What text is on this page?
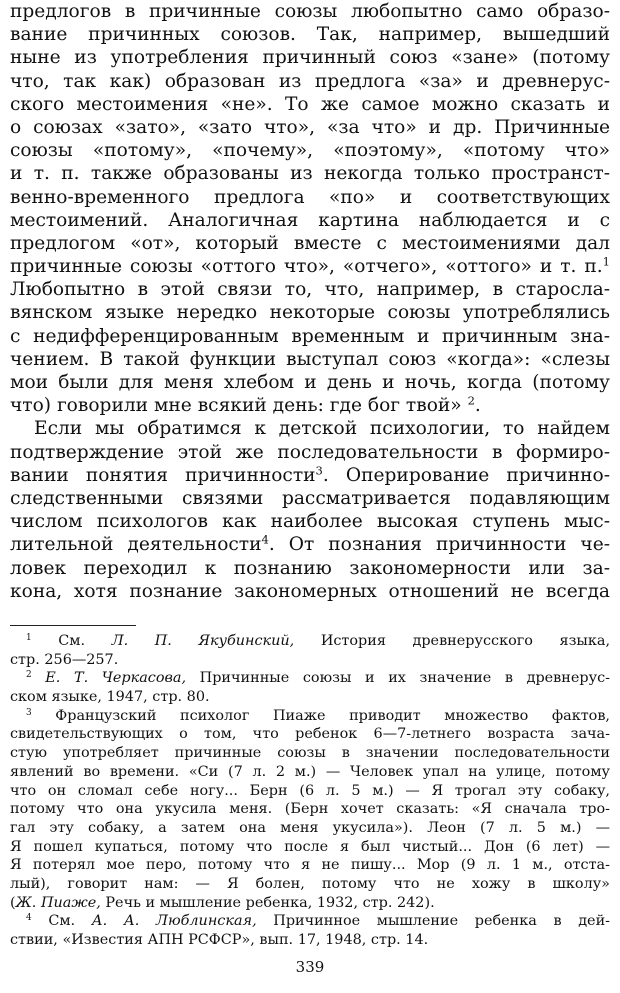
предлогов в причинные союзы любопытно само образо-
вание причинных союзов. Так, например, вышедший
ныне из употребления причинный союз «зане» (потому
что, так как) образован из предлога «за» и древнерус-
ского местоимения «не». То же самое можно сказать и
о союзах «зато», «зато что», «за что» и др. Причинные
союзы «потому», «почему», «поэтому», «потому что»
и т. п. также образованы из некогда только пространст-
венно-временного предлога «по» и соответствующих
местоимений. Аналогичная картина наблюдается и с
предлогом «от», который вместе с местоимениями дал
причинные союзы «оттого что», «отчего», «оттого» и т. п.$^1$
Любопытно в этой связи то, что, например, в старосла-
вянском языке нередко некоторые союзы употреблялись
с недифференцированным временным и причинным зна-
чением. В такой функции выступал союз «когда»: «слезы
мои были для меня хлебом и день и ночь, когда (потому
что) говорили мне всякий день: где бог твой» $^2$.
Если мы обратимся к детской психологии, то найдем
подтверждение этой же последовательности в формиро-
вании понятия причинности$^3$. Оперирование причинно-
следственными связями рассматривается подавляющим
числом психологов как наиболее высокая ступень мыс-
лительной деятельности$^4$. От познания причинности че-
ловек переходил к познанию закономерности или за-
кона, хотя познание закономерных отношений не всегда
$^1$ См. Л. П. Якубинский, История древнерусского языка,
стр. 256—257.
$^2$ Е. Т. Черкасова, Причинные союзы и их значение в древнерус-
ском языке, 1947, стр. 80.
$^3$ Французский психолог Пиаже приводит множество фактов,
свидетельствующих о том, что ребенок 6—7-летнего возраста зача-
стую употребляет причинные союзы в значении последовательности
явлений во времени. «Си (7 л. 2 м.) — Человек упал на улице, потому
что он сломал себе ногу... Берн (6 л. 5 м.) — Я трогал эту собаку,
потому что она укусила меня. (Берн хочет сказать: «Я сначала тро-
гал эту собаку, а затем она меня укусила»). Леон (7 л. 5 м.) —
Я пошел купаться, потому что после я был чистый... Дон (6 лет) —
Я потерял мое перо, потому что я не пишу... Мор (9 л. 1 м., отста-
лый), говорит нам: — Я болен, потому что не хожу в школу»
(Ж. Пиаже, Речь и мышление ребенка, 1932, стр. 242).
$^4$ См. А. А. Люблинская, Причинное мышление ребенка в дей-
ствии, «Известия АПН РСФСР», вып. 17, 1948, стр. 14.
339
